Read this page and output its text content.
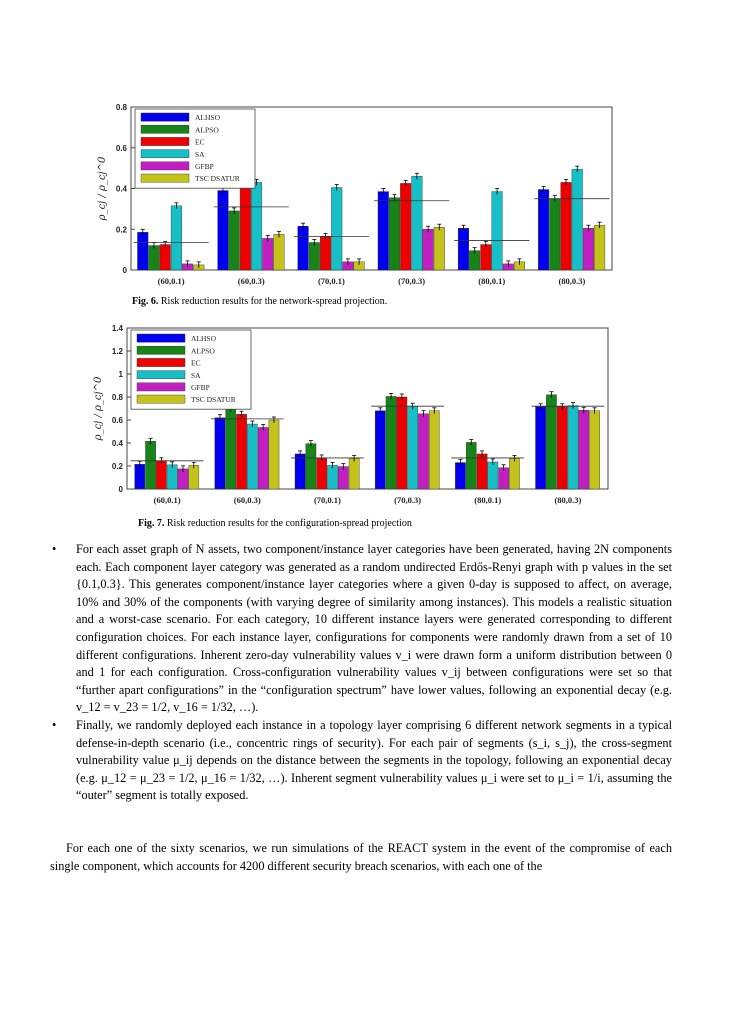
0
0.2
0.4
0.6
0.8
ρ_cj / ρ_cj^0
(60,0.1)	(60,0.3)	(70,0.1)	(70,0.3)	(80,0.1)	(80,0.3)
ALHSO
ALPSO
EC
SA
GFBP
TSC DSATUR
Fig. 6. Risk reduction results for the network-spread projection.
0
0.2
0.4
0.6
0.8
1
1.2
1.4
ρ_cj / ρ_cj^0
(60,0.1)	(60,0.3)	(70,0.1)	(70,0.3)	(80,0.1)	(80,0.3)
ALHSO
ALPSO
EC
SA
GFBP
TSC DSATUR
Fig. 7. Risk reduction results for the configuration-spread projection
• For each asset graph of N assets, two component/instance layer categories have been generated, having 2N components each. Each component layer category was generated as a random undirected Erdős-Renyi graph with p values in the set {0.1,0.3}. This generates component/instance layer categories where a given 0-day is supposed to affect, on average, 10% and 30% of the components (with varying degree of similarity among instances). This models a realistic situation and a worst-case scenario. For each category, 10 different instance layers were generated corresponding to different configuration choices. For each instance layer, configurations for components were randomly drawn from a set of 10 different configurations. Inherent zero-day vulnerability values v_i were drawn form a uniform distribution between 0 and 1 for each configuration. Cross-configuration vulnerability values v_ij between configurations were set so that “further apart configurations” in the “configuration spectrum” have lower values, following an exponential decay (e.g. v_12 = v_23 = 1/2, v_16 = 1/32, …).
• Finally, we randomly deployed each instance in a topology layer comprising 6 different network segments in a typical defense-in-depth scenario (i.e., concentric rings of security). For each pair of segments (s_i, s_j), the cross-segment vulnerability value μ_ij depends on the distance between the segments in the topology, following an exponential decay (e.g. μ_12 = μ_23 = 1/2, μ_16 = 1/32, …). Inherent segment vulnerability values μ_i were set to μ_i = 1/i, assuming the “outer” segment is totally exposed.

For each one of the sixty scenarios, we run simulations of the REACT system in the event of the compromise of each single component, which accounts for 4200 different security breach scenarios, with each one of the
